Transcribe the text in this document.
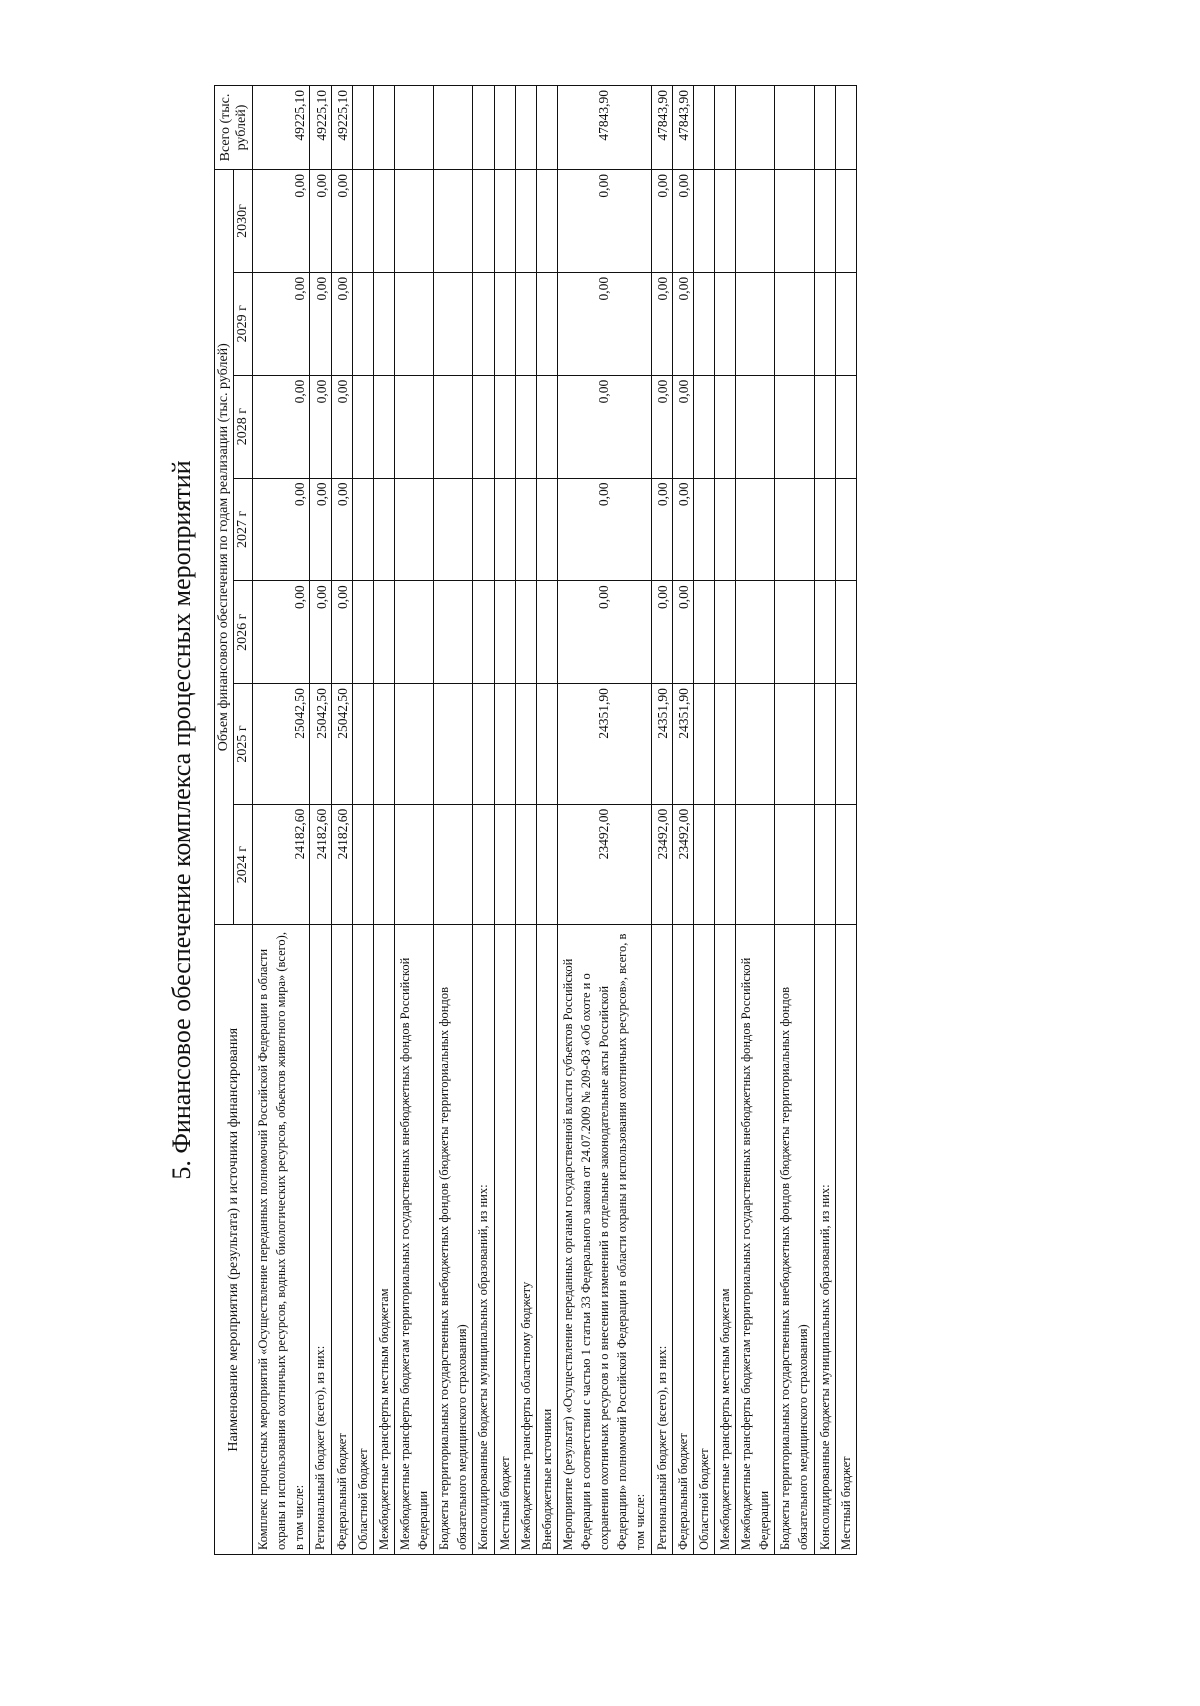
5. Финансовое обеспечение комплекса процессных мероприятий
Наименование мероприятия (результата) и источники финансирования	Объем финансового обеспечения по годам реализации (тыс. рублей)							Всего (тыс. рублей)
	2024 г	2025 г	2026 г	2027 г	2028 г	2029 г	2030г	
Комплекс процессных мероприятий «Осуществление переданных полномочий Российской Федерации в области охраны и использования охотничьих ресурсов, водных биологических ресурсов, объектов животного мира» (всего), в том числе:	24182,60	25042,50	0,00	0,00	0,00	0,00	0,00	49225,10
Региональный бюджет (всего), из них:	24182,60	25042,50	0,00	0,00	0,00	0,00	0,00	49225,10
Федеральный бюджет	24182,60	25042,50	0,00	0,00	0,00	0,00	0,00	49225,10
Областной бюджет								
Межбюджетные трансферты местным бюджетам								
Межбюджетные трансферты бюджетам территориальных государственных внебюджетных фондов Российской Федерации								
Бюджеты территориальных государственных внебюджетных фондов (бюджеты территориальных фондов обязательного медицинского страхования)								
Консолидированные бюджеты муниципальных образований, из них:								
Местный бюджет								
Межбюджетные трансферты областному бюджету								
Внебюджетные источники								
Мероприятие (результат) «Осуществление переданных органам государственной власти субъектов Российской Федерации в соответствии с частью 1 статьи 33 Федерального закона от 24.07.2009 № 209-ФЗ «Об охоте и о сохранении охотничьих ресурсов и о внесении изменений в отдельные законодательные акты Российской Федерации» полномочий Российской Федерации в области охраны и использования охотничьих ресурсов», всего, в том числе:	23492,00	24351,90	0,00	0,00	0,00	0,00	0,00	47843,90
Региональный бюджет (всего), из них:	23492,00	24351,90	0,00	0,00	0,00	0,00	0,00	47843,90
Федеральный бюджет	23492,00	24351,90	0,00	0,00	0,00	0,00	0,00	47843,90
Областной бюджет								
Межбюджетные трансферты местным бюджетам								
Межбюджетные трансферты бюджетам территориальных государственных внебюджетных фондов Российской Федерации								
Бюджеты территориальных государственных внебюджетных фондов (бюджеты территориальных фондов обязательного медицинского страхования)								
Консолидированные бюджеты муниципальных образований, из них:								
Местный бюджет								
